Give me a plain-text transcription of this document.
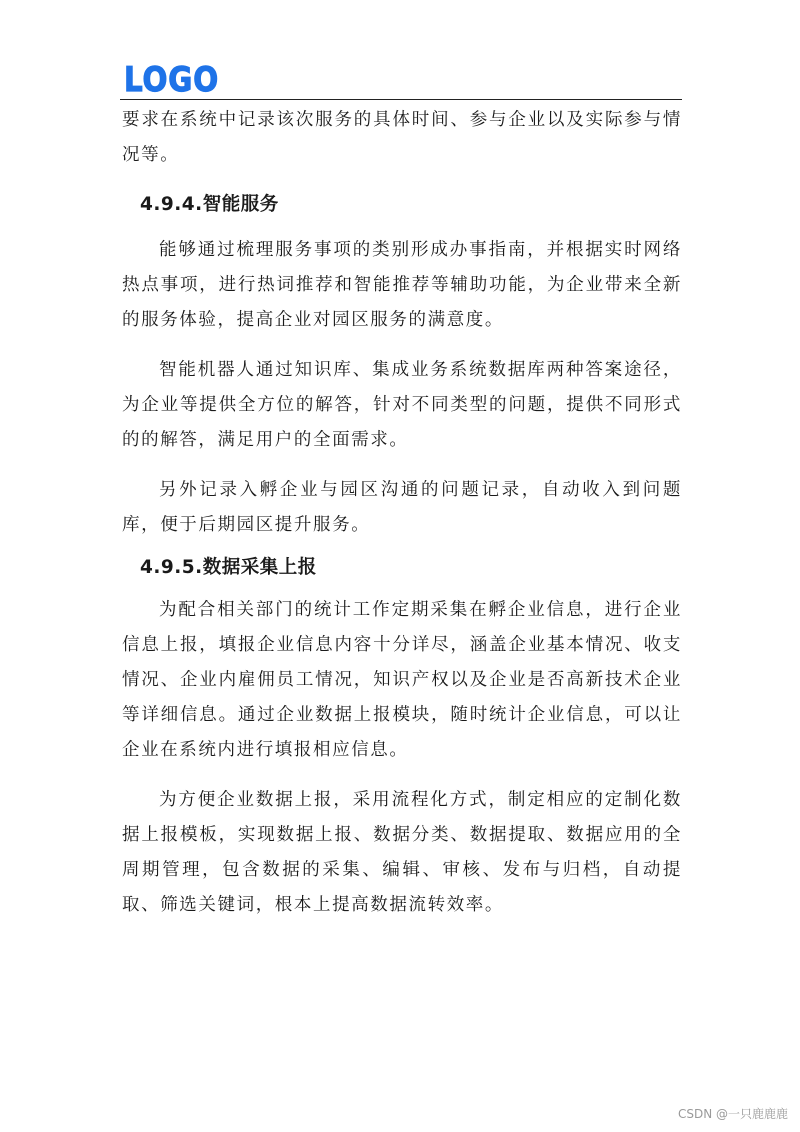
LOGO

要求在系统中记录该次服务的具体时间、参与企业以及实际参与情况等。

4.9.4.智能服务

能够通过梳理服务事项的类别形成办事指南，并根据实时网络热点事项，进行热词推荐和智能推荐等辅助功能，为企业带来全新的服务体验，提高企业对园区服务的满意度。

智能机器人通过知识库、集成业务系统数据库两种答案途径，为企业等提供全方位的解答，针对不同类型的问题，提供不同形式的的解答，满足用户的全面需求。

另外记录入孵企业与园区沟通的问题记录，自动收入到问题库，便于后期园区提升服务。

4.9.5.数据采集上报

为配合相关部门的统计工作定期采集在孵企业信息，进行企业信息上报，填报企业信息内容十分详尽，涵盖企业基本情况、收支情况、企业内雇佣员工情况，知识产权以及企业是否高新技术企业等详细信息。通过企业数据上报模块，随时统计企业信息，可以让企业在系统内进行填报相应信息。

为方便企业数据上报，采用流程化方式，制定相应的定制化数据上报模板，实现数据上报、数据分类、数据提取、数据应用的全周期管理，包含数据的采集、编辑、审核、发布与归档，自动提取、筛选关键词，根本上提高数据流转效率。

CSDN @一只鹿鹿鹿
